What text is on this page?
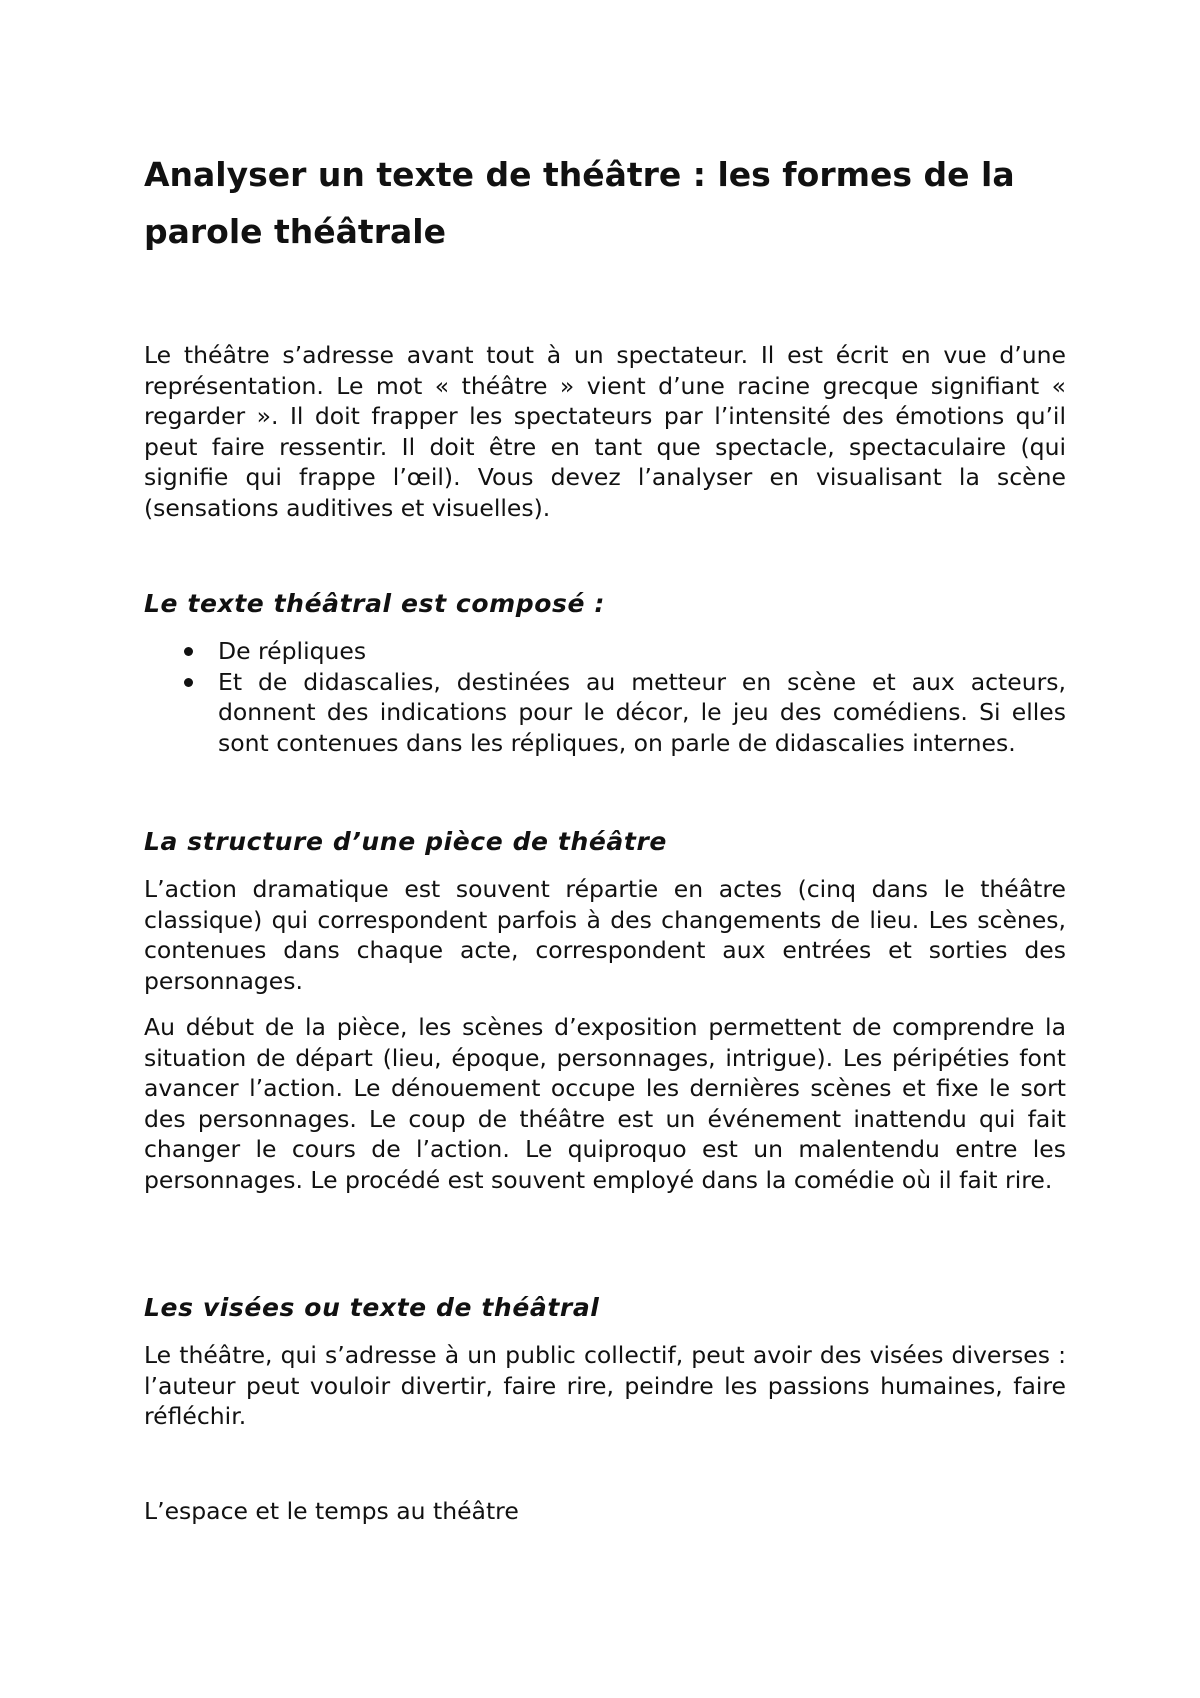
Analyser un texte de théâtre : les formes de la parole théâtrale

Le théâtre s’adresse avant tout à un spectateur. Il est écrit en vue d’une représentation. Le mot « théâtre » vient d’une racine grecque signifiant « regarder ». Il doit frapper les spectateurs par l’intensité des émotions qu’il peut faire ressentir. Il doit être en tant que spectacle, spectaculaire (qui signifie qui frappe l’œil). Vous devez l’analyser en visualisant la scène (sensations auditives et visuelles).

Le texte théâtral est composé :
De répliques
Et de didascalies, destinées au metteur en scène et aux acteurs, donnent des indications pour le décor, le jeu des comédiens. Si elles sont contenues dans les répliques, on parle de didascalies internes.
La structure d’une pièce de théâtre

L’action dramatique est souvent répartie en actes (cinq dans le théâtre classique) qui correspondent parfois à des changements de lieu. Les scènes, contenues dans chaque acte, correspondent aux entrées et sorties des personnages.

Au début de la pièce, les scènes d’exposition permettent de comprendre la situation de départ (lieu, époque, personnages, intrigue). Les péripéties font avancer l’action. Le dénouement occupe les dernières scènes et fixe le sort des personnages. Le coup de théâtre est un événement inattendu qui fait changer le cours de l’action. Le quiproquo est un malentendu entre les personnages. Le procédé est souvent employé dans la comédie où il fait rire.

Les visées ou texte de théâtral

Le théâtre, qui s’adresse à un public collectif, peut avoir des visées diverses : l’auteur peut vouloir divertir, faire rire, peindre les passions humaines, faire réfléchir.

L’espace et le temps au théâtre
